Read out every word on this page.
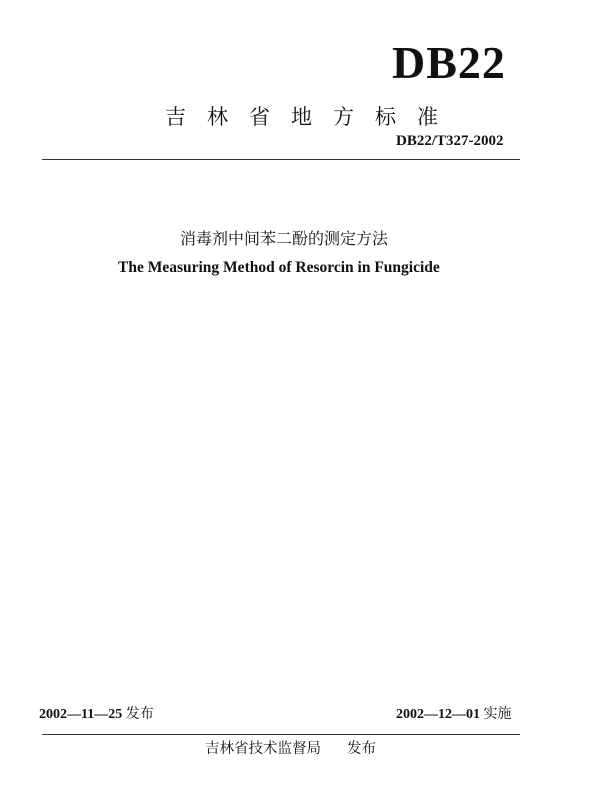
DB22
吉林省地方标准
DB22/T327-2002
消毒剂中间苯二酚的测定方法
The Measuring Method of Resorcin in Fungicide
2002—11—25 发布	2002—12—01 实施
吉林省技术监督局 发布
